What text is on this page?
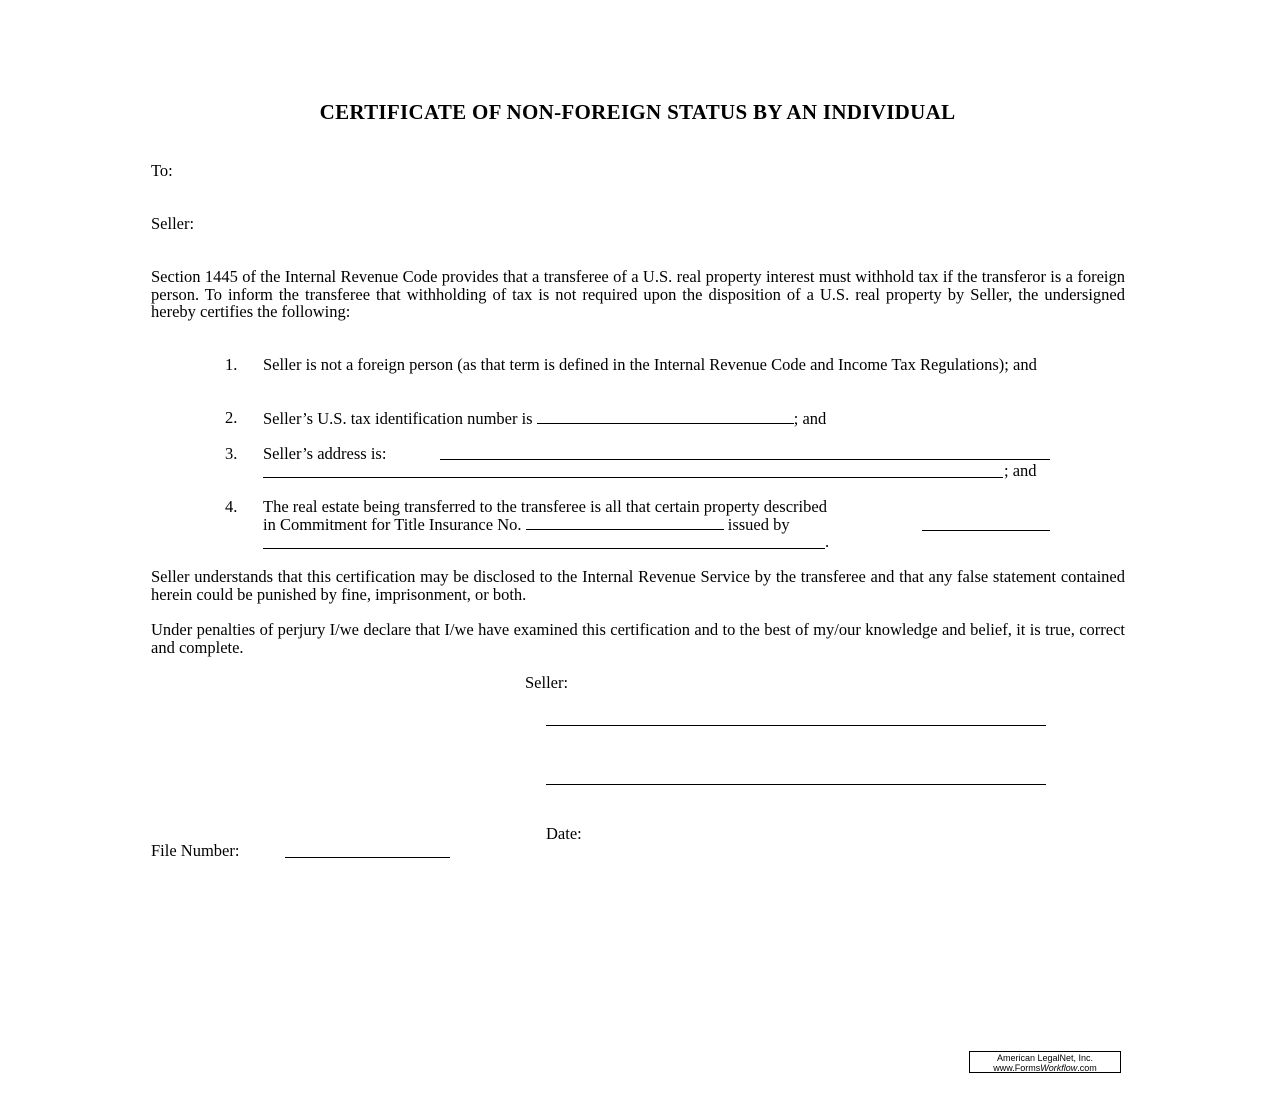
CERTIFICATE OF NON-FOREIGN STATUS BY AN INDIVIDUAL
To:
Seller:
Section 1445 of the Internal Revenue Code provides that a transferee of a U.S. real property interest must withhold tax if the transferor is a foreign person. To inform the transferee that withholding of tax is not required upon the disposition of a U.S. real property by Seller, the undersigned hereby certifies the following:
1.	Seller is not a foreign person (as that term is defined in the Internal Revenue Code and Income Tax Regulations); and
2.	Seller’s U.S. tax identification number is	; and
3.	Seller’s address is:
; and
4.	The real estate being transferred to the transferee is all that certain property described
in Commitment for Title Insurance No.	issued by
.
Seller understands that this certification may be disclosed to the Internal Revenue Service by the transferee and that any false statement contained herein could be punished by fine, imprisonment, or both.
Under penalties of perjury I/we declare that I/we have examined this certification and to the best of my/our knowledge and belief, it is true, correct and complete.
Seller:
Date:
File Number:
American LegalNet, Inc.
www.FormsWorkflow.com
